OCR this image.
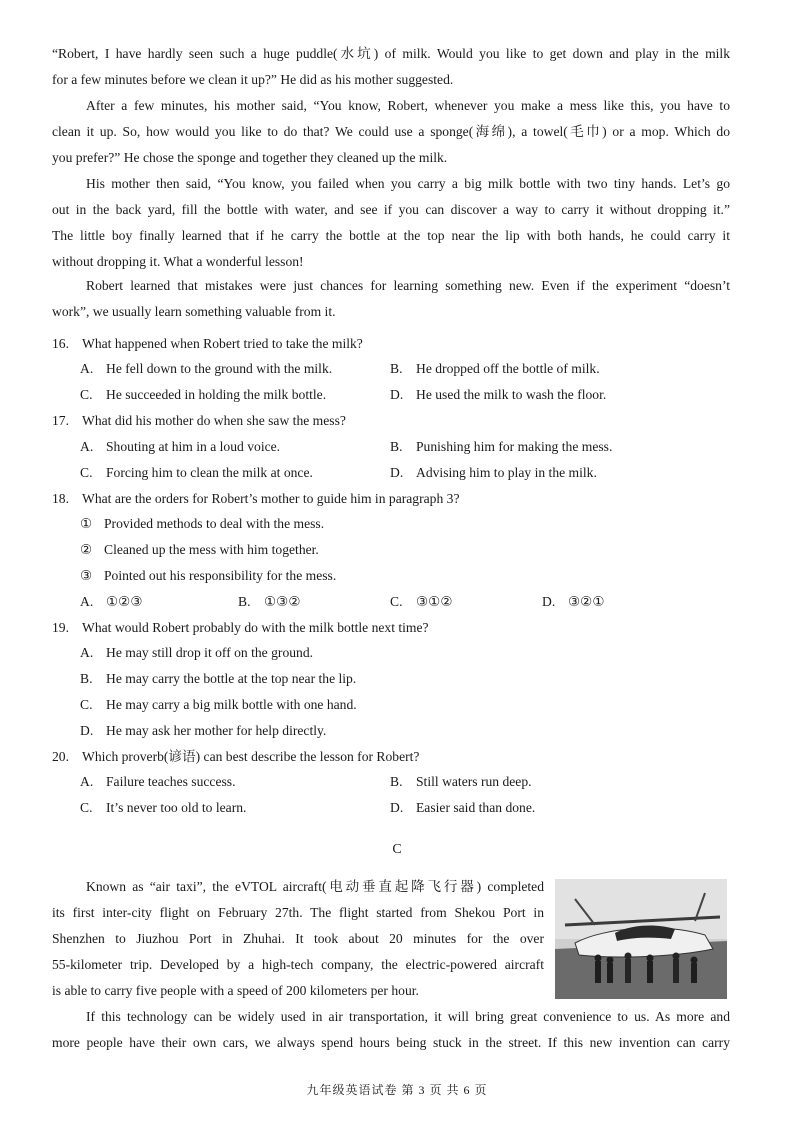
“Robert, I have hardly seen such a huge puddle(水坑) of milk. Would you like to get down and play in the milk
for a few minutes before we clean it up?” He did as his mother suggested.
After a few minutes, his mother said, “You know, Robert, whenever you make a mess like this, you have to
clean it up. So, how would you like to do that? We could use a sponge(海绵), a towel(毛巾) or a mop. Which do
you prefer?” He chose the sponge and together they cleaned up the milk.
His mother then said, “You know, you failed when you carry a big milk bottle with two tiny hands. Let’s go
out in the back yard, fill the bottle with water, and see if you can discover a way to carry it without dropping it.”
The little boy finally learned that if he carry the bottle at the top near the lip with both hands, he could carry it
without dropping it. What a wonderful lesson!
Robert learned that mistakes were just chances for learning something new. Even if the experiment “doesn’t
work”, we usually learn something valuable from it.
16. What happened when Robert tried to take the milk?
A. He fell down to the ground with the milk.	B. He dropped off the bottle of milk.
C. He succeeded in holding the milk bottle.	D. He used the milk to wash the floor.
17. What did his mother do when she saw the mess?
A. Shouting at him in a loud voice.	B. Punishing him for making the mess.
C. Forcing him to clean the milk at once.	D. Advising him to play in the milk.
18. What are the orders for Robert’s mother to guide him in paragraph 3?
① Provided methods to deal with the mess.
② Cleaned up the mess with him together.
③ Pointed out his responsibility for the mess.
A. ①②③	B. ①③②	C. ③①②	D. ③②①
19. What would Robert probably do with the milk bottle next time?
A. He may still drop it off on the ground.
B. He may carry the bottle at the top near the lip.
C. He may carry a big milk bottle with one hand.
D. He may ask her mother for help directly.
20. Which proverb(谚语) can best describe the lesson for Robert?
A. Failure teaches success.	B. Still waters run deep.
C. It’s never too old to learn.	D. Easier said than done.
C
Known as “air taxi”, the eVTOL aircraft(电动垂直起降飞行器) completed
its first inter-city flight on February 27th. The flight started from Shekou Port in
Shenzhen to Jiuzhou Port in Zhuhai. It took about 20 minutes for the over
55-kilometer trip. Developed by a high-tech company, the electric-powered aircraft
is able to carry five people with a speed of 200 kilometers per hour.
If this technology can be widely used in air transportation, it will bring great convenience to us. As more and
more people have their own cars, we always spend hours being stuck in the street. If this new invention can carry
九年级英语试卷 第 3 页 共 6 页
